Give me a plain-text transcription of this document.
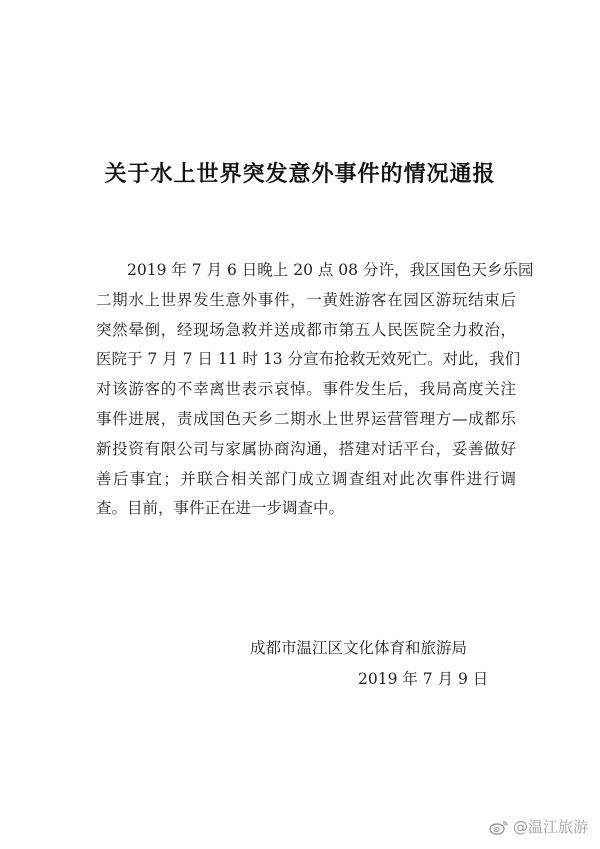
关于水上世界突发意外事件的情况通报
　　2019 年 7 月 6 日晚上 20 点 08 分许，我区国色天乡乐园
二期水上世界发生意外事件，一黄姓游客在园区游玩结束后
突然晕倒，经现场急救并送成都市第五人民医院全力救治，
医院于 7 月 7 日 11 时 13 分宣布抢救无效死亡。对此，我们
对该游客的不幸离世表示哀悼。事件发生后，我局高度关注
事件进展，责成国色天乡二期水上世界运营管理方—成都乐
新投资有限公司与家属协商沟通，搭建对话平台，妥善做好
善后事宜；并联合相关部门成立调查组对此次事件进行调
查。目前，事件正在进一步调查中。
成都市温江区文化体育和旅游局
2019 年 7 月 9 日
@温江旅游
